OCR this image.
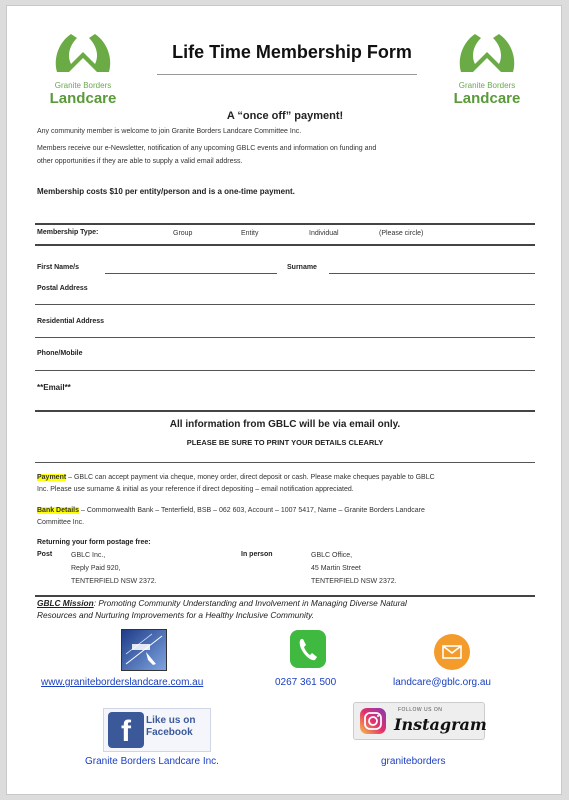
Granite Borders
Landcare
Granite Borders
Landcare
Life Time Membership Form
A “once off” payment!
Any community member is welcome to join Granite Borders Landcare Committee Inc.
Members receive our e-Newsletter, notification of any upcoming GBLC events and information on funding and
other opportunities if they are able to supply a valid email address.
Membership costs $10 per entity/person and is a one-time payment.
Membership Type:	Group	Entity	Individual	(Please circle)
First Name/s	Surname
Postal Address
Residential Address
Phone/Mobile
**Email**
All information from GBLC will be via email only.
PLEASE BE SURE TO PRINT YOUR DETAILS CLEARLY
Payment – GBLC can accept payment via cheque, money order, direct deposit or cash. Please make cheques payable to GBLC
Inc. Please use surname & initial as your reference if direct depositing – email notification appreciated.
Bank Details – Commonwealth Bank – Tenterfield, BSB – 062 603, Account – 1007 5417, Name – Granite Borders Landcare
Committee Inc.
Returning your form postage free:
Post	GBLC Inc.,
Reply Paid 920,
TENTERFIELD NSW 2372.
In person	GBLC Office,
45 Martin Street
TENTERFIELD NSW 2372.
GBLC Mission: Promoting Community Understanding and Involvement in Managing Diverse Natural
Resources and Nurturing Improvements for a Healthy Inclusive Community.
www.graniteborderslandcare.com.au	0267 361 500	landcare@gblc.org.au
f	Like us on Facebook
Granite Borders Landcare Inc.
FOLLOW US ON
Instagram
graniteborders
